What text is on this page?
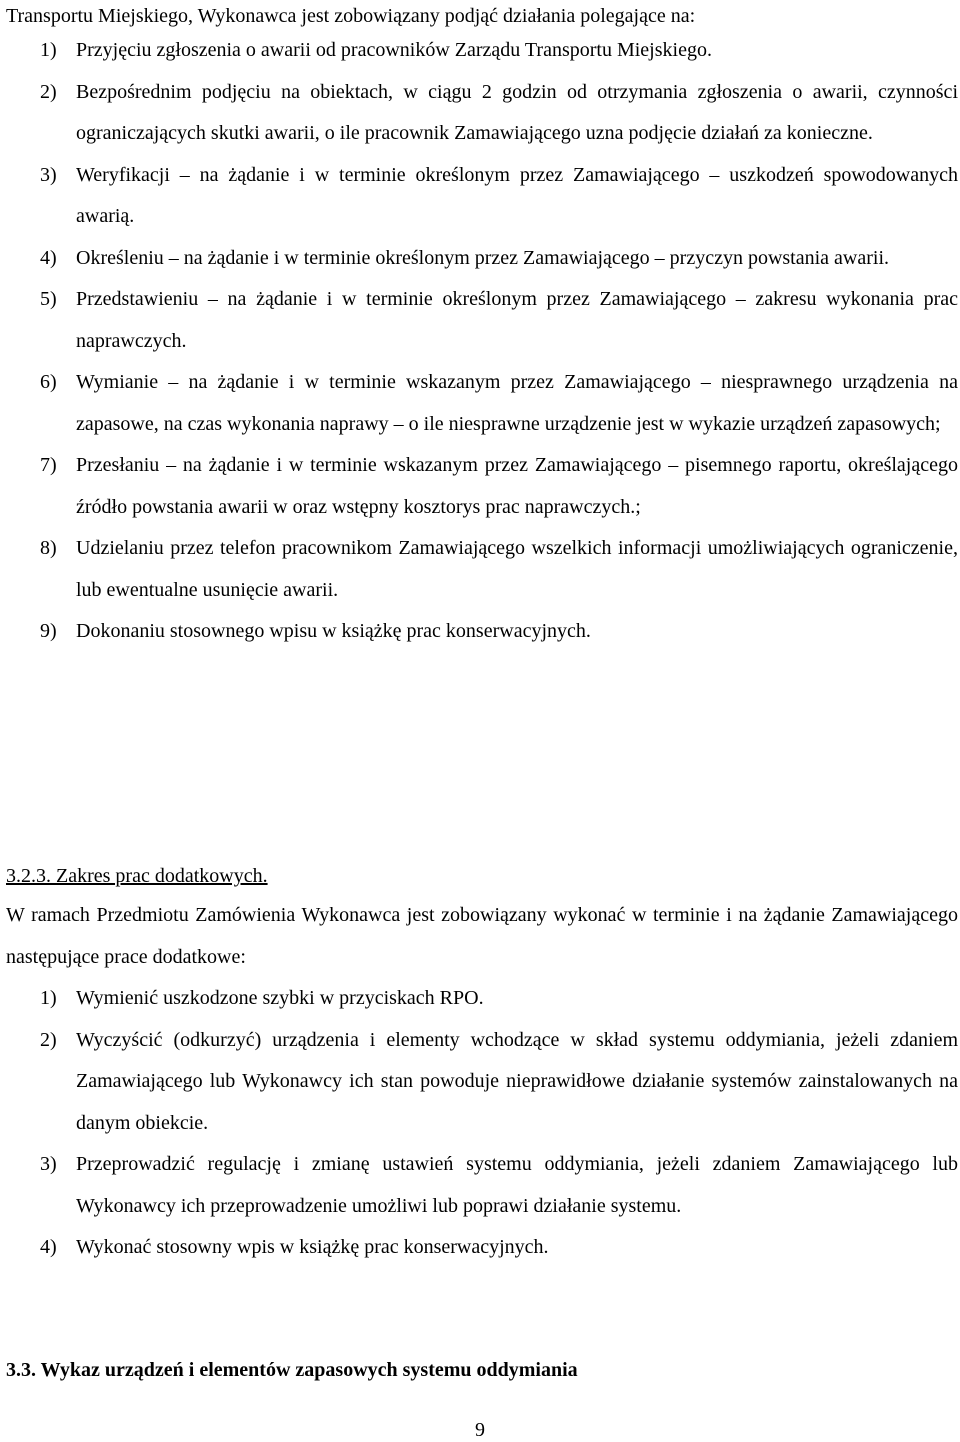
Transportu Miejskiego, Wykonawca jest zobowiązany podjąć działania polegające na:
1) Przyjęciu zgłoszenia o awarii od pracowników Zarządu Transportu Miejskiego.
2) Bezpośrednim podjęciu na obiektach, w ciągu 2 godzin od otrzymania zgłoszenia o awarii, czynności ograniczających skutki awarii, o ile pracownik Zamawiającego uzna podjęcie działań za konieczne.
3) Weryfikacji – na żądanie i w terminie określonym przez Zamawiającego – uszkodzeń spowodowanych awarią.
4) Określeniu – na żądanie i w terminie określonym przez Zamawiającego – przyczyn powstania awarii.
5) Przedstawieniu – na żądanie i w terminie określonym przez Zamawiającego – zakresu wykonania prac naprawczych.
6) Wymianie – na żądanie i w terminie wskazanym przez Zamawiającego – niesprawnego urządzenia na zapasowe, na czas wykonania naprawy – o ile niesprawne urządzenie jest w wykazie urządzeń zapasowych;
7) Przesłaniu – na żądanie i w terminie wskazanym przez Zamawiającego – pisemnego raportu, określającego źródło powstania awarii w oraz wstępny kosztorys prac naprawczych.;
8) Udzielaniu przez telefon pracownikom Zamawiającego wszelkich informacji umożliwiających ograniczenie, lub ewentualne usunięcie awarii.
9) Dokonaniu stosownego wpisu w książkę prac konserwacyjnych.
3.2.3. Zakres prac dodatkowych.
W ramach Przedmiotu Zamówienia Wykonawca jest zobowiązany wykonać w terminie i na żądanie Zamawiającego następujące prace dodatkowe:
1) Wymienić uszkodzone szybki w przyciskach RPO.
2) Wyczyścić (odkurzyć) urządzenia i elementy wchodzące w skład systemu oddymiania, jeżeli zdaniem Zamawiającego lub Wykonawcy ich stan powoduje nieprawidłowe działanie systemów zainstalowanych na danym obiekcie.
3) Przeprowadzić regulację i zmianę ustawień systemu oddymiania, jeżeli zdaniem Zamawiającego lub Wykonawcy ich przeprowadzenie umożliwi lub poprawi działanie systemu.
4) Wykonać stosowny wpis w książkę prac konserwacyjnych.
3.3. Wykaz urządzeń i elementów zapasowych systemu oddymiania
9
